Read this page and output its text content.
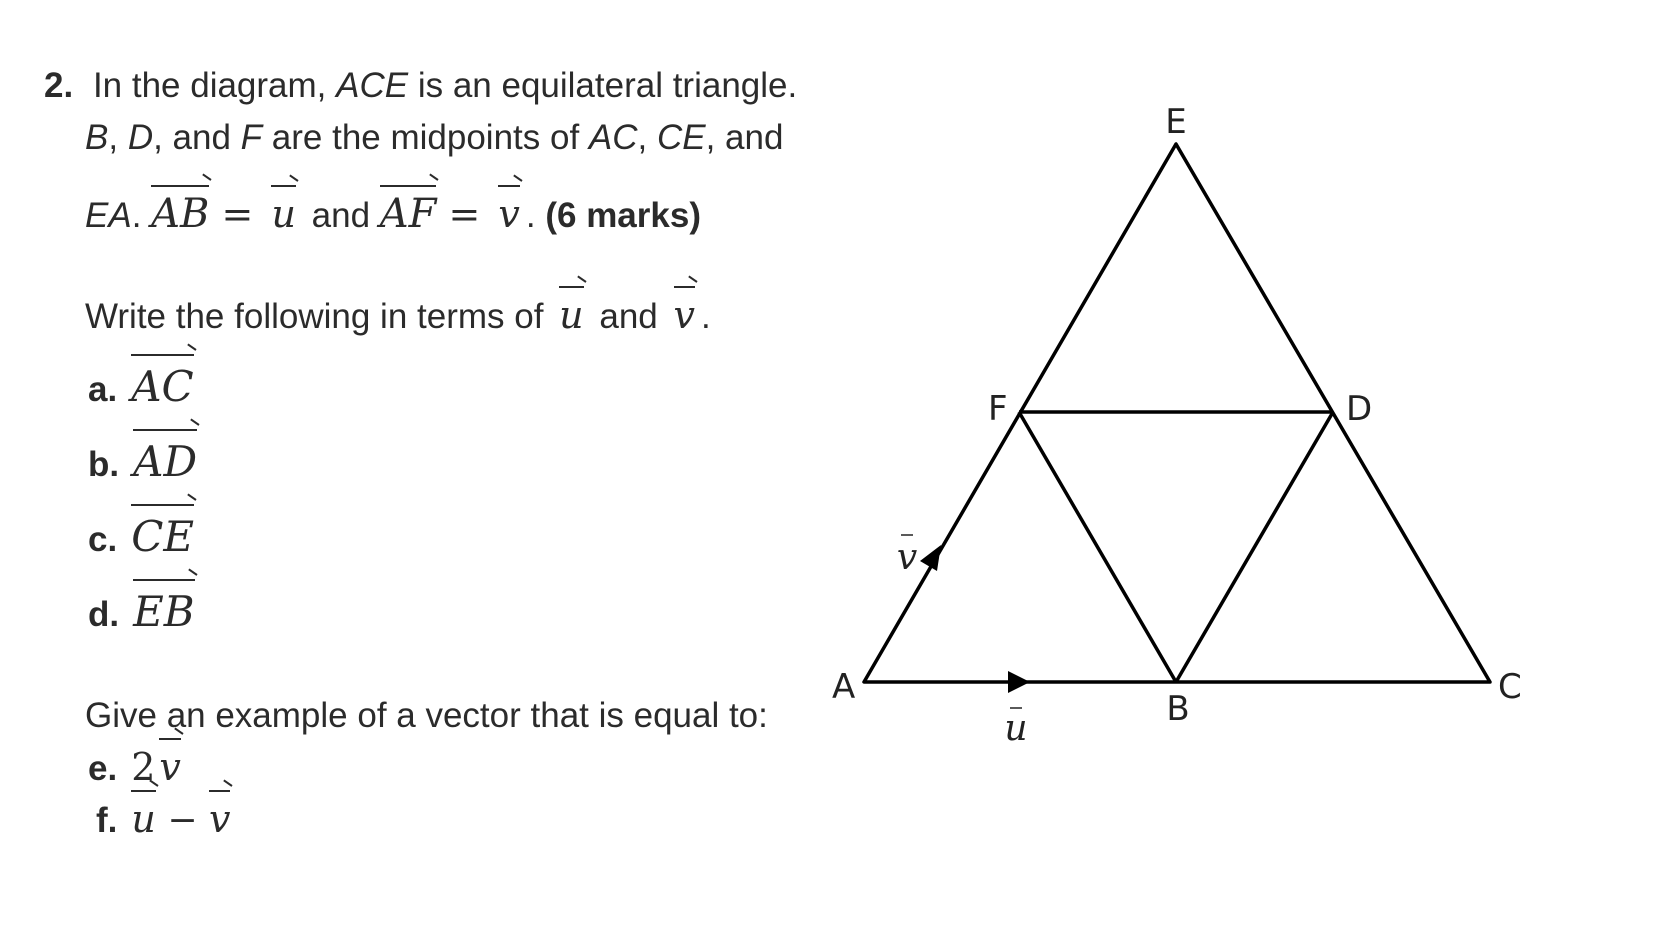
2. In the diagram, ACE is an equilateral triangle.
B, D, and F are the midpoints of AC, CE, and
EA. AB = u and AF = v . (6 marks)
Write the following in terms of u and v .
a. AC
b. AD
c. CE
d. EB
Give an example of a vector that is equal to:
e. 2 v
f. u − v
E
F	D
A	C
B
u
v
